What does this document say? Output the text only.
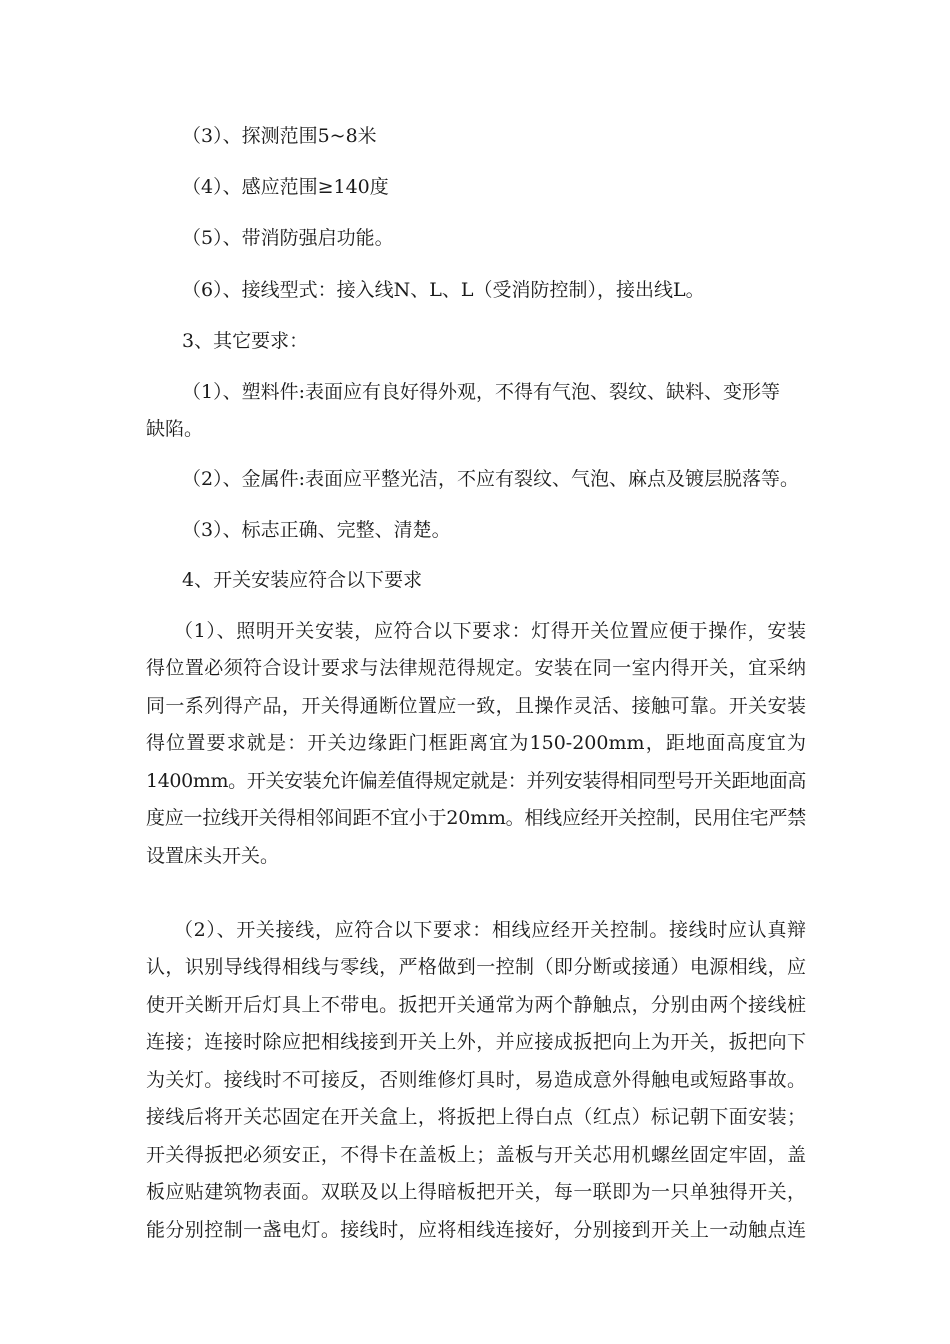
（3）、探测范围5~8米
（4）、感应范围≥140度
（5）、带消防强启功能。
（6）、接线型式：接入线N、L、L（受消防控制），接出线L。
3、其它要求：
（1）、塑料件:表面应有良好得外观，不得有气泡、裂纹、缺料、变形等
缺陷。
（2）、金属件:表面应平整光洁，不应有裂纹、气泡、麻点及镀层脱落等。
（3）、标志正确、完整、清楚。
4、开关安装应符合以下要求
（1）、照明开关安装，应符合以下要求：灯得开关位置应便于操作，安装
得位置必须符合设计要求与法律规范得规定。安装在同一室内得开关，宜采纳
同一系列得产品，开关得通断位置应一致，且操作灵活、接触可靠。开关安装
得位置要求就是：开关边缘距门框距离宜为150-200mm，距地面高度宜为
1400mm。开关安装允许偏差值得规定就是：并列安装得相同型号开关距地面高
度应一拉线开关得相邻间距不宜小于20mm。相线应经开关控制，民用住宅严禁
设置床头开关。
（2）、开关接线，应符合以下要求：相线应经开关控制。接线时应认真辩
认，识别导线得相线与零线，严格做到一控制（即分断或接通）电源相线，应
使开关断开后灯具上不带电。扳把开关通常为两个静触点，分别由两个接线桩
连接；连接时除应把相线接到开关上外，并应接成扳把向上为开关，扳把向下
为关灯。接线时不可接反，否则维修灯具时，易造成意外得触电或短路事故。
接线后将开关芯固定在开关盒上，将扳把上得白点（红点）标记朝下面安装；
开关得扳把必须安正，不得卡在盖板上；盖板与开关芯用机螺丝固定牢固，盖
板应贴建筑物表面。双联及以上得暗板把开关，每一联即为一只单独得开关，
能分别控制一盏电灯。接线时，应将相线连接好，分别接到开关上一动触点连
